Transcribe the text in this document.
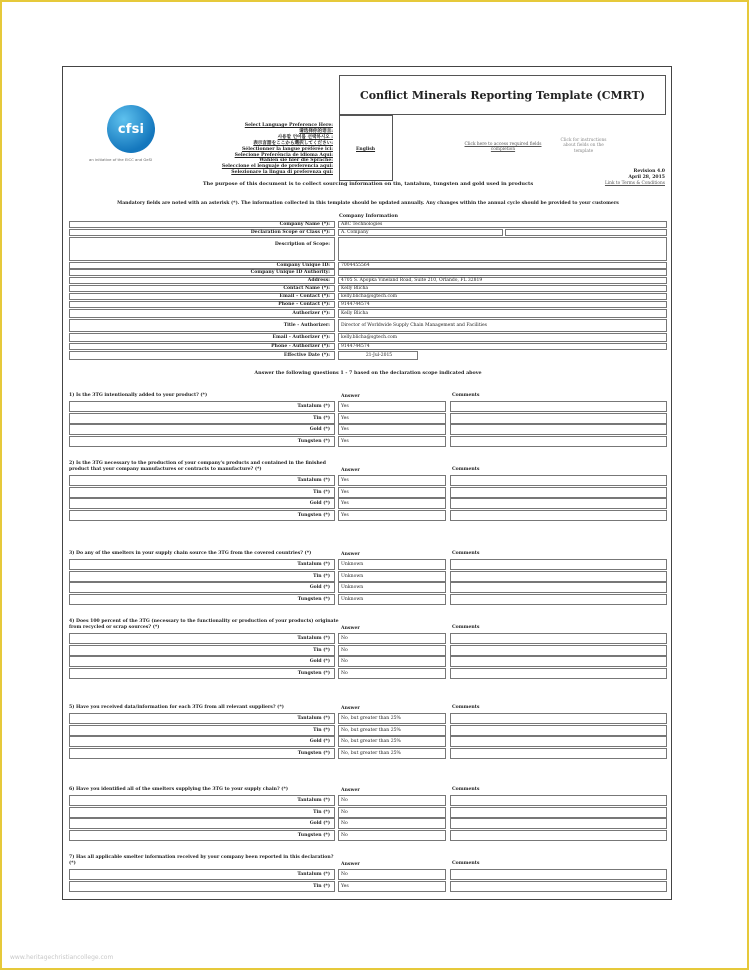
cfsi
an initiative of the EICC and GeSI
Select Language Preference Here:
请选择你的语言:
사용할 언어를 선택하시오 :
表示言語をここから選択してください:
Sélectionner la langue préférée ici:
Selecione Preferência de idioma Aqui:
Wählen sie hier die Sprache:
Seleccione el lenguaje de preferencia aqui:
Selezionare la lingua di preferenza qui:
Conflict Minerals Reporting Template (CMRT)
English
Click here to access required fields completion
Click for instructions about fields on the template
Revision 4.0
April 28, 2015
Link to Terms & Conditions
The purpose of this document is to collect sourcing information on tin, tantalum, tungsten and gold used in products
Mandatory fields are noted with an asterisk (*). The information collected in this template should be updated annually. Any changes within the annual cycle should be provided to your customers
Company Information
Company Name (*):	ABC Technologies
Declaration Scope or Class (*):	A. Company
Description of Scope:
Company Unique ID:	7004455564
Company Unique ID Authority:
Address:	4705 S. Apopka Vineland Road, Suite 210, Orlando, FL 32819
Contact Name (*):	Kelly Blicha
Email – Contact (*):	kelly.blicha@sgtech.com
Phone – Contact (*):	9144744574
Authorizer (*):	Kelly Blicha
Title - Authorizer:	Director of Worldwide Supply Chain Management and Facilities
Email - Authorizer (*):	kelly.blicha@sgtech.com
Phone - Authorizer (*):	9144744574
Effective Date (*):	21-Jul-2015
Answer the following questions 1 - 7 based on the declaration scope indicated above
1) Is the 3TG intentionally added to your product? (*)	Answer	Comments
Tantalum (*)	Yes
Tin (*)	Yes
Gold (*)	Yes
Tungsten (*)	Yes
2) Is the 3TG necessary to the production of your company's products and contained in the finished product that your company manufactures or contracts to manufacture? (*)	Answer	Comments
Tantalum (*)	Yes
Tin (*)	Yes
Gold (*)	Yes
Tungsten (*)	Yes
3) Do any of the smelters in your supply chain source the 3TG from the covered countries? (*)	Answer	Comments
Tantalum (*)	Unknown
Tin (*)	Unknown
Gold (*)	Unknown
Tungsten (*)	Unknown
4) Does 100 percent of the 3TG (necessary to the functionality or production of your products) originate from recycled or scrap sources? (*)	Answer	Comments
Tantalum (*)	No
Tin (*)	No
Gold (*)	No
Tungsten (*)	No
5) Have you received data/information for each 3TG from all relevant suppliers? (*)	Answer	Comments
Tantalum (*)	No, but greater than 25%
Tin (*)	No, but greater than 25%
Gold (*)	No, but greater than 25%
Tungsten (*)	No, but greater than 25%
6) Have you identified all of the smelters supplying the 3TG to your supply chain? (*)	Answer	Comments
Tantalum (*)	No
Tin (*)	No
Gold (*)	No
Tungsten (*)	No
7) Has all applicable smelter information received by your company been reported in this declaration? (*)	Answer	Comments
Tantalum (*)	No
Tin (*)	Yes
www.heritagechristiancollege.com
